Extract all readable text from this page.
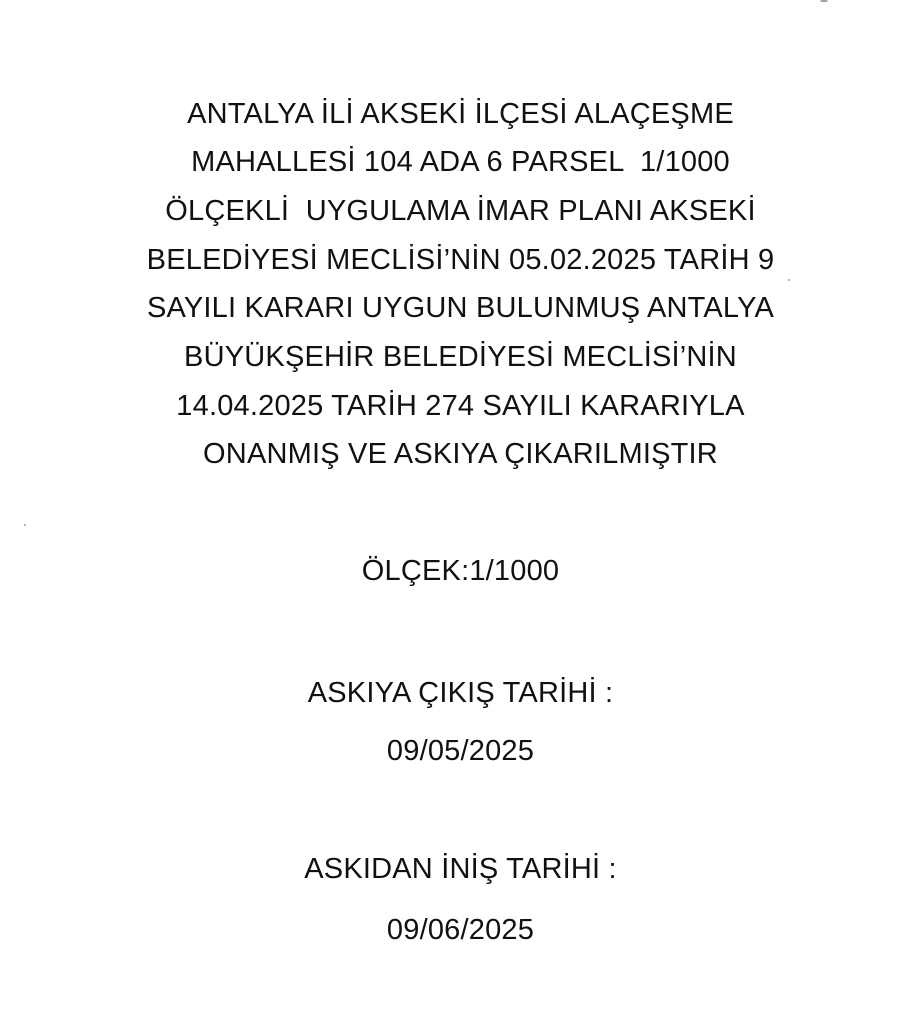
ANTALYA İLİ AKSEKİ İLÇESİ ALAÇEŞME
MAHALLESİ 104 ADA 6 PARSEL  1/1000
ÖLÇEKLİ  UYGULAMA İMAR PLANI AKSEKİ
BELEDİYESİ MECLİSİ’NİN 05.02.2025 TARİH 9
SAYILI KARARI UYGUN BULUNMUŞ ANTALYA
BÜYÜKŞEHİR BELEDİYESİ MECLİSİ’NİN
14.04.2025 TARİH 274 SAYILI KARARIYLA
ONANMIŞ VE ASKIYA ÇIKARILMIŞTIR
ÖLÇEK:1/1000
ASKIYA ÇIKIŞ TARİHİ :
09/05/2025
ASKIDAN İNİŞ TARİHİ :
09/06/2025
